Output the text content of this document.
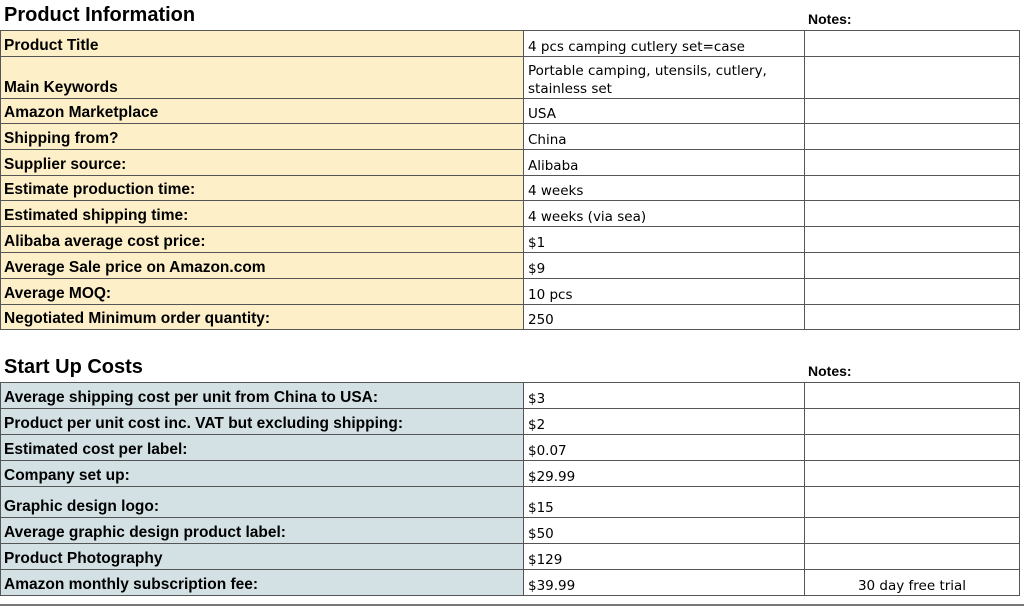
Product Information	Notes:
Product Title	4 pcs camping cutlery set=case	
Main Keywords	Portable camping, utensils, cutlery,
stainless set	
Amazon Marketplace	USA	
Shipping from?	China	
Supplier source:	Alibaba	
Estimate production time:	4 weeks	
Estimated shipping time:	4 weeks (via sea)	
Alibaba average cost price:	$1	
Average Sale price on Amazon.com	$9	
Average MOQ:	10 pcs	
Negotiated Minimum order quantity:	250	
Start Up Costs	Notes:
Average shipping cost per unit from China to USA:	$3	
Product per unit cost inc. VAT but excluding shipping:	$2	
Estimated cost per label:	$0.07	
Company set up:	$29.99	
Graphic design logo:	$15	
Average graphic design product label:	$50	
Product Photography	$129	
Amazon monthly subscription fee:	$39.99	30 day free trial
